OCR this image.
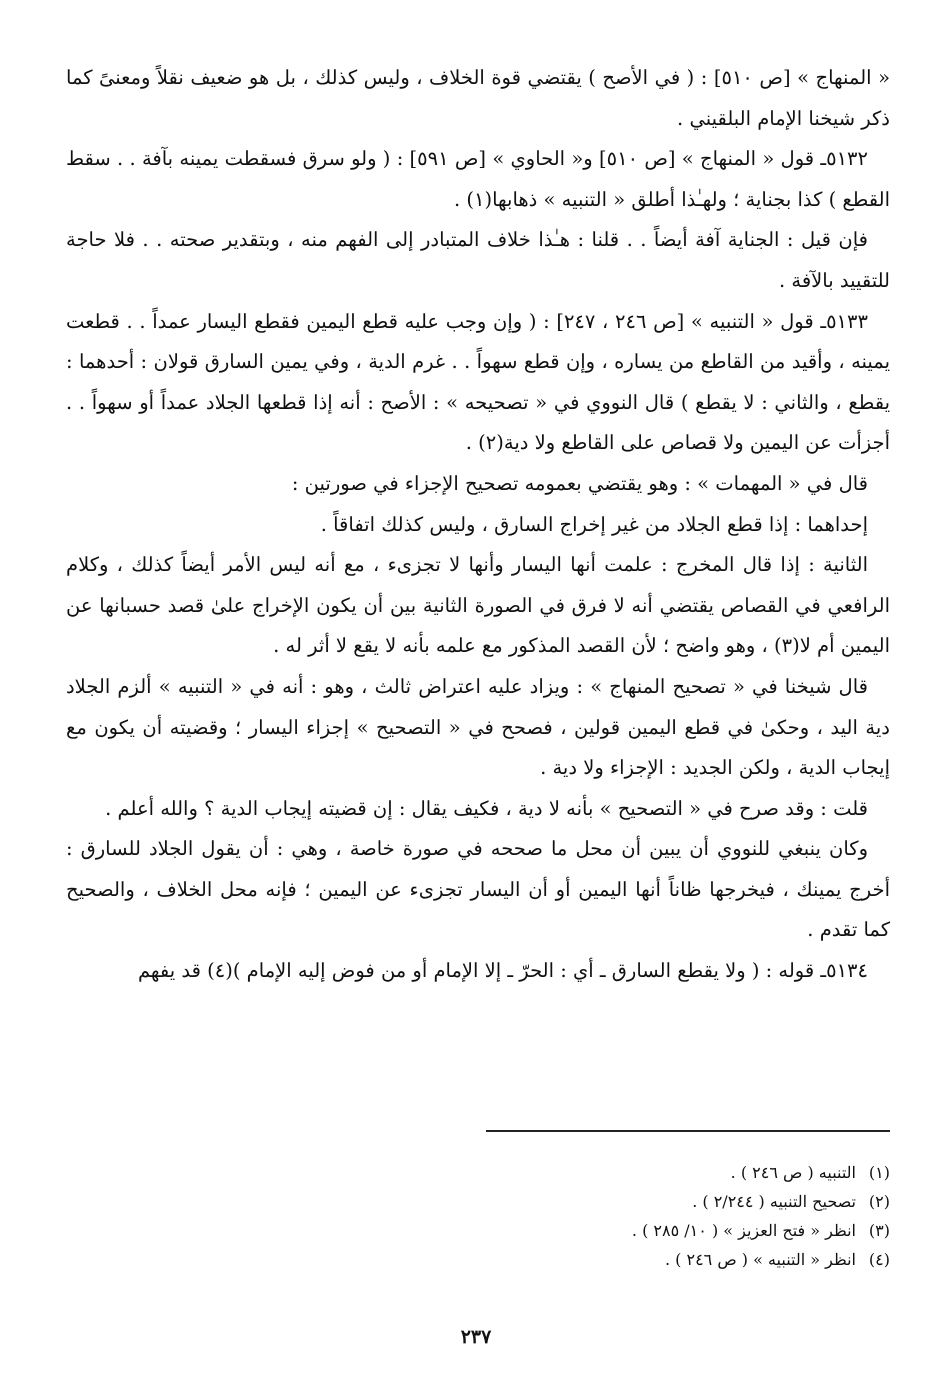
« المنهاج » [ص ٥١٠] : ( في الأصح ) يقتضي قوة الخلاف ، وليس كذلك ، بل هو ضعيف نقلاً ومعنىً كما ذكر شيخنا الإمام البلقيني .

٥١٣٢ـ قول « المنهاج » [ص ٥١٠] و« الحاوي » [ص ٥٩١] : ( ولو سرق فسقطت يمينه بآفة . . سقط القطع ) كذا بجناية ؛ ولهـٰذا أطلق « التنبيه » ذهابها(١) .

فإن قيل : الجناية آفة أيضاً . . قلنا : هـٰذا خلاف المتبادر إلى الفهم منه ، وبتقدير صحته . . فلا حاجة للتقييد بالآفة .

٥١٣٣ـ قول « التنبيه » [ص ٢٤٦ ، ٢٤٧] : ( وإن وجب عليه قطع اليمين فقطع اليسار عمداً . . قطعت يمينه ، وأقيد من القاطع من يساره ، وإن قطع سهواً . . غرم الدية ، وفي يمين السارق قولان : أحدهما : يقطع ، والثاني : لا يقطع ) قال النووي في « تصحيحه » : الأصح : أنه إذا قطعها الجلاد عمداً أو سهواً . . أجزأت عن اليمين ولا قصاص على القاطع ولا دية(٢) .

قال في « المهمات » : وهو يقتضي بعمومه تصحيح الإجزاء في صورتين :

إحداهما : إذا قطع الجلاد من غير إخراج السارق ، وليس كذلك اتفاقاً .

الثانية : إذا قال المخرج : علمت أنها اليسار وأنها لا تجزىء ، مع أنه ليس الأمر أيضاً كذلك ، وكلام الرافعي في القصاص يقتضي أنه لا فرق في الصورة الثانية بين أن يكون الإخراج علىٰ قصد حسبانها عن اليمين أم لا(٣) ، وهو واضح ؛ لأن القصد المذكور مع علمه بأنه لا يقع لا أثر له .

قال شيخنا في « تصحيح المنهاج » : ويزاد عليه اعتراض ثالث ، وهو : أنه في « التنبيه » ألزم الجلاد دية اليد ، وحكىٰ في قطع اليمين قولين ، فصحح في « التصحيح » إجزاء اليسار ؛ وقضيته أن يكون مع إيجاب الدية ، ولكن الجديد : الإجزاء ولا دية .

قلت : وقد صرح في « التصحيح » بأنه لا دية ، فكيف يقال : إن قضيته إيجاب الدية ؟ والله أعلم .

وكان ينبغي للنووي أن يبين أن محل ما صححه في صورة خاصة ، وهي : أن يقول الجلاد للسارق : أخرج يمينك ، فيخرجها ظاناً أنها اليمين أو أن اليسار تجزىء عن اليمين ؛ فإنه محل الخلاف ، والصحيح كما تقدم .

٥١٣٤ـ قوله : ( ولا يقطع السارق ـ أي : الحرّ ـ إلا الإمام أو من فوض إليه الإمام )(٤) قد يفهم

(١)التنبيه ( ص ٢٤٦ ) .
(٢)تصحيح التنبيه ( ٢/٢٤٤ ) .
(٣)انظر « فتح العزيز » ( ١٠/ ٢٨٥ ) .
(٤)انظر « التنبيه » ( ص ٢٤٦ ) .
٢٣٧
